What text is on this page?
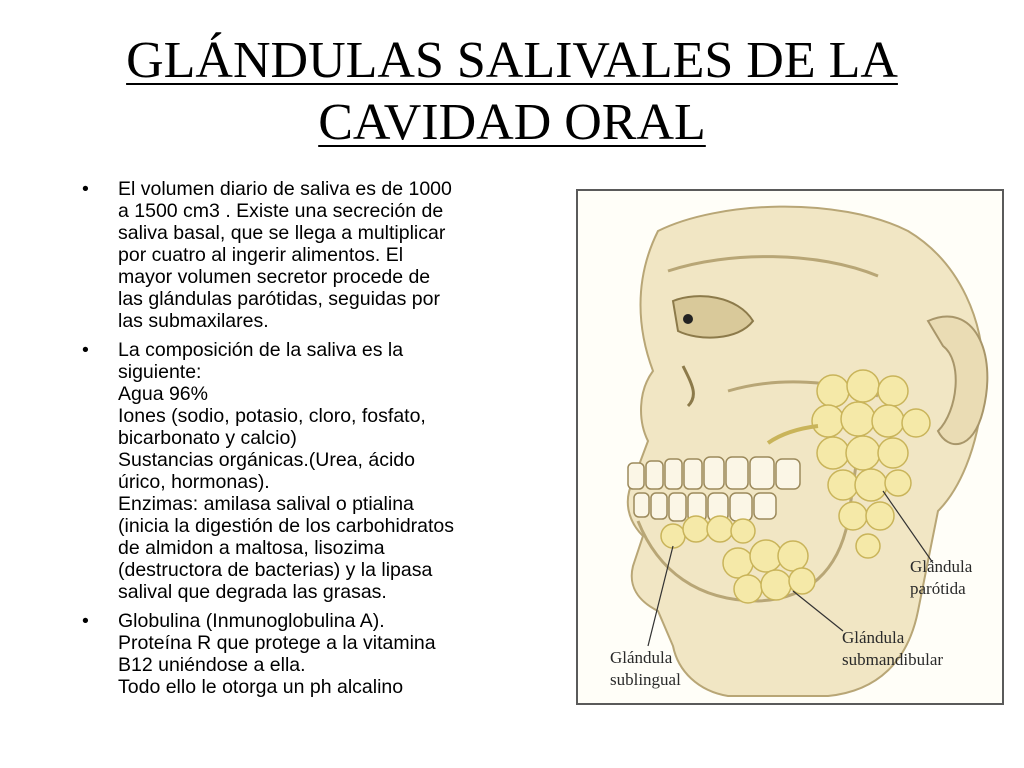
GLÁNDULAS SALIVALES DE LA
CAVIDAD ORAL
• El volumen diario de saliva es de 1000
a 1500 cm3 . Existe una secreción de
saliva basal, que se llega a multiplicar
por cuatro al ingerir alimentos. El
mayor volumen secretor procede de
las glándulas parótidas, seguidas por
las submaxilares.
• La composición de la saliva es la
siguiente:
Agua 96%
Iones (sodio, potasio, cloro, fosfato,
bicarbonato y calcio)
Sustancias orgánicas.(Urea, ácido
úrico, hormonas).
Enzimas: amilasa salival o ptialina
(inicia la digestión de los carbohidratos
de almidon a maltosa, lisozima
(destructora de bacterias) y la lipasa
salival que degrada las grasas.
• Globulina (Inmunoglobulina A).
Proteína R que protege a la vitamina
B12 uniéndose a ella.
Todo ello le otorga un ph alcalino
Glándula
parótida
Glándula
submandibular
Glándula
sublingual
